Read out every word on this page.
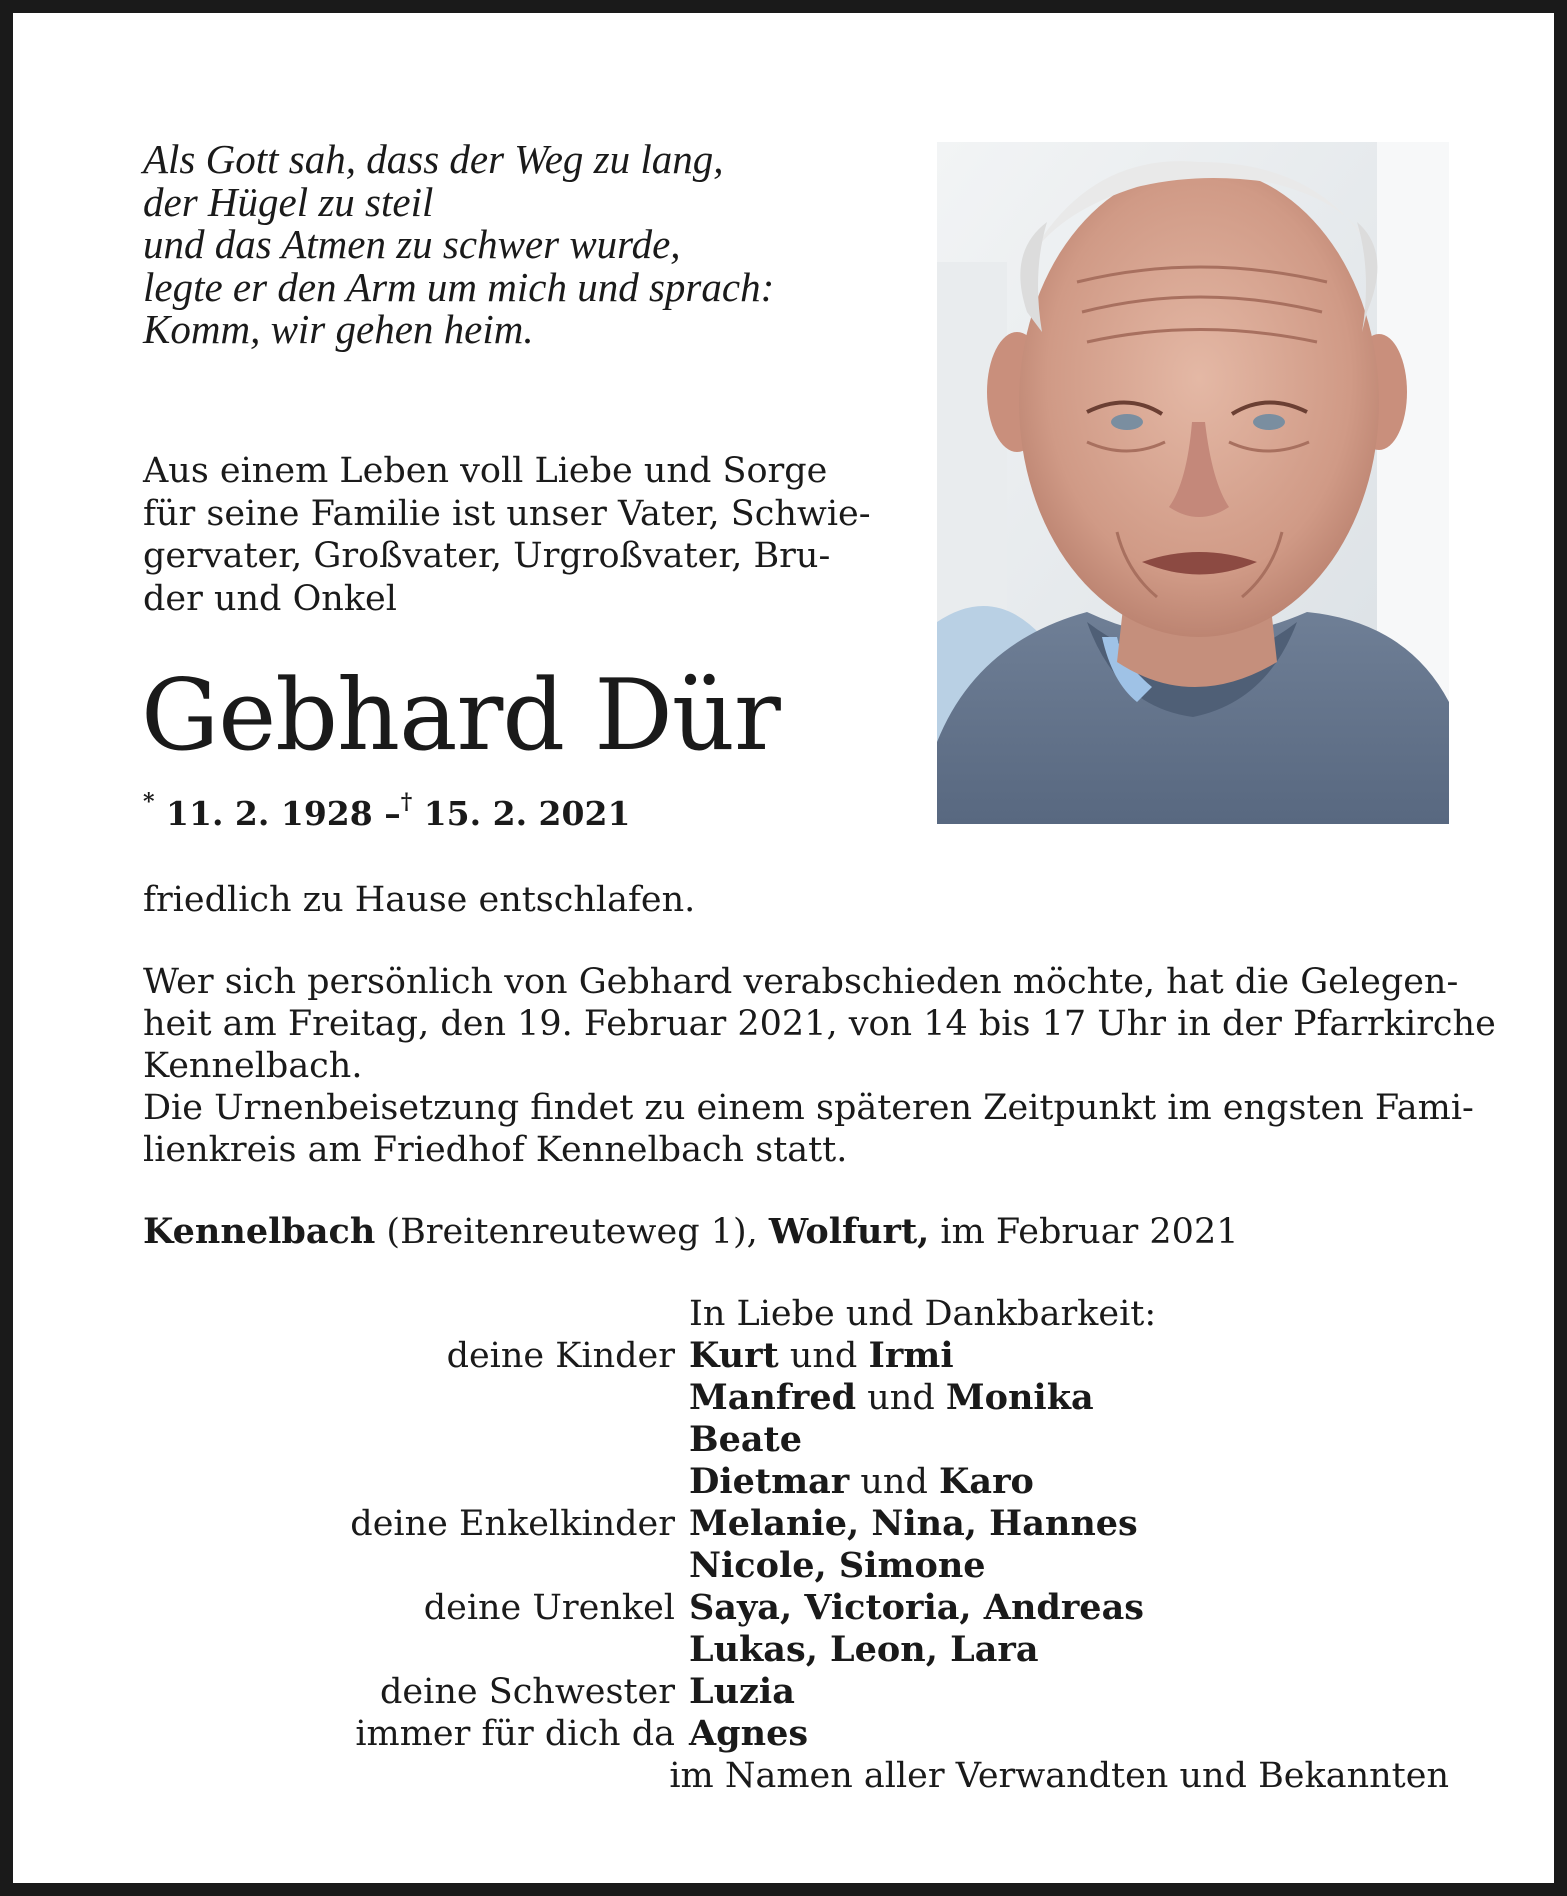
Als Gott sah, dass der Weg zu lang,
der Hügel zu steil
und das Atmen zu schwer wurde,
legte er den Arm um mich und sprach:
Komm, wir gehen heim.
Aus einem Leben voll Liebe und Sorge
für seine Familie ist unser Vater, Schwie-
gervater, Großvater, Urgroßvater, Bru-
der und Onkel
Gebhard Dür
* 11. 2. 1928 –† 15. 2. 2021
friedlich zu Hause entschlafen.
Wer sich persönlich von Gebhard verabschieden möchte, hat die Gelegen-
heit am Freitag, den 19. Februar 2021, von 14 bis 17 Uhr in der Pfarrkirche
Kennelbach.
Die Urnenbeisetzung findet zu einem späteren Zeitpunkt im engsten Fami-
lienkreis am Friedhof Kennelbach statt.
Kennelbach (Breitenreuteweg 1), Wolfurt, im Februar 2021
In Liebe und Dankbarkeit:
deine Kinder Kurt und Irmi
Manfred und Monika
Beate
Dietmar und Karo
deine Enkelkinder Melanie, Nina, Hannes
Nicole, Simone
deine Urenkel Saya, Victoria, Andreas
Lukas, Leon, Lara
deine Schwester Luzia
immer für dich da Agnes
im Namen aller Verwandten und Bekannten
